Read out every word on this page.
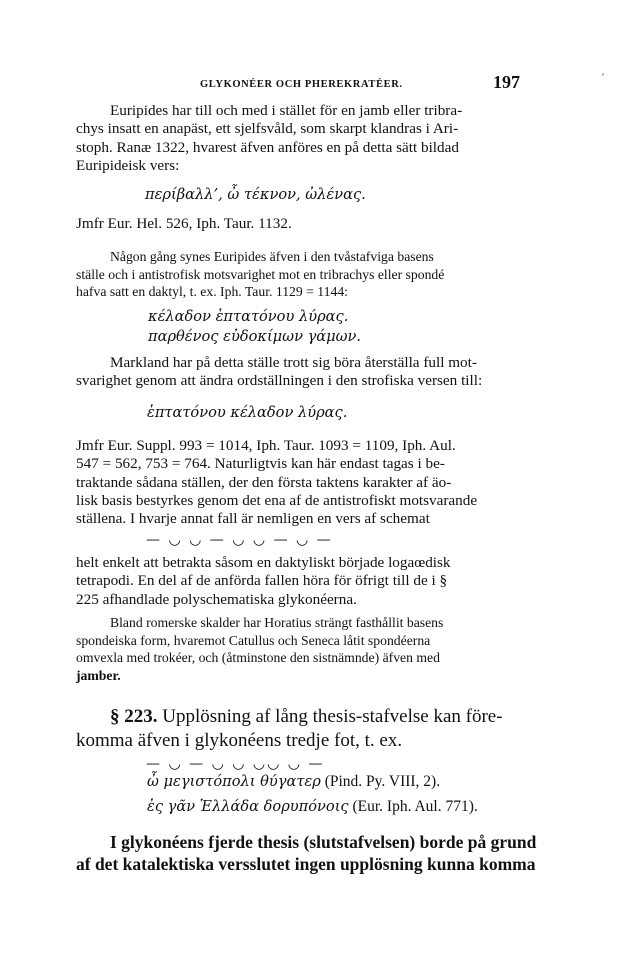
GLYKONÉER OCH PHEREKRATÉER.	197	´

Euripides har till och med i stället för en jamb eller tribra-

chys insatt en anapäst, ett sjelfsvåld, som skarpt klandras i Ari-

stoph. Ranæ 1322, hvarest äfven anföres en på detta sätt bildad

Euripideisk vers:

περίβαλλ’, ὦ τέκνον, ὠλένας.
Jmfr Eur. Hel. 526, Iph. Taur. 1132.

Någon gång synes Euripides äfven i den tvåstafviga basens

ställe och i antistrofisk motsvarighet mot en tribrachys eller spondé

hafva satt en daktyl, t. ex. Iph. Taur. 1129 = 1144:

κέλαδον ἑπτατόνου λύρας.
παρθένος εὐδοκίμων γάμων.

Markland har på detta ställe trott sig böra återställa full mot-

svarighet genom att ändra ordställningen i den strofiska versen till:

ἑπτατόνου κέλαδον λύρας.

Jmfr Eur. Suppl. 993 = 1014, Iph. Taur. 1093 = 1109, Iph. Aul.

547 = 562, 753 = 764. Naturligtvis kan här endast tagas i be-

traktande sådana ställen, der den första taktens karakter af äo-

lisk basis bestyrkes genom det ena af de antistrofiskt motsvarande

ställena. I hvarje annat fall är nemligen en vers af schemat

— ◡ ◡ — ◡ ◡ — ◡ —

helt enkelt att betrakta såsom en daktyliskt började logaœdisk

tetrapodi. En del af de anförda fallen höra för öfrigt till de i §

225 afhandlade polyschematiska glykonéerna.

Bland romerske skalder har Horatius strängt fasthållit basens

spondeiska form, hvaremot Catullus och Seneca låtit spondéerna

omvexla med trokéer, och (åtminstone den sistnämnde) äfven med

jamber.

§ 223. Upplösning af lång thesis-stafvelse kan före-

komma äfven i glykonéens tredje fot, t. ex.

— ◡ — ◡ ◡ ◡◡ ◡ —
ὦ μεγιστόπολι θύγατερ (Pind. Py. VIII, 2).
ἐς γᾶν Ἑλλάδα δορυπόνοις (Eur. Iph. Aul. 771).

I glykonéens fjerde thesis (slutstafvelsen) borde på grund

af det katalektiska versslutet ingen upplösning kunna komma
